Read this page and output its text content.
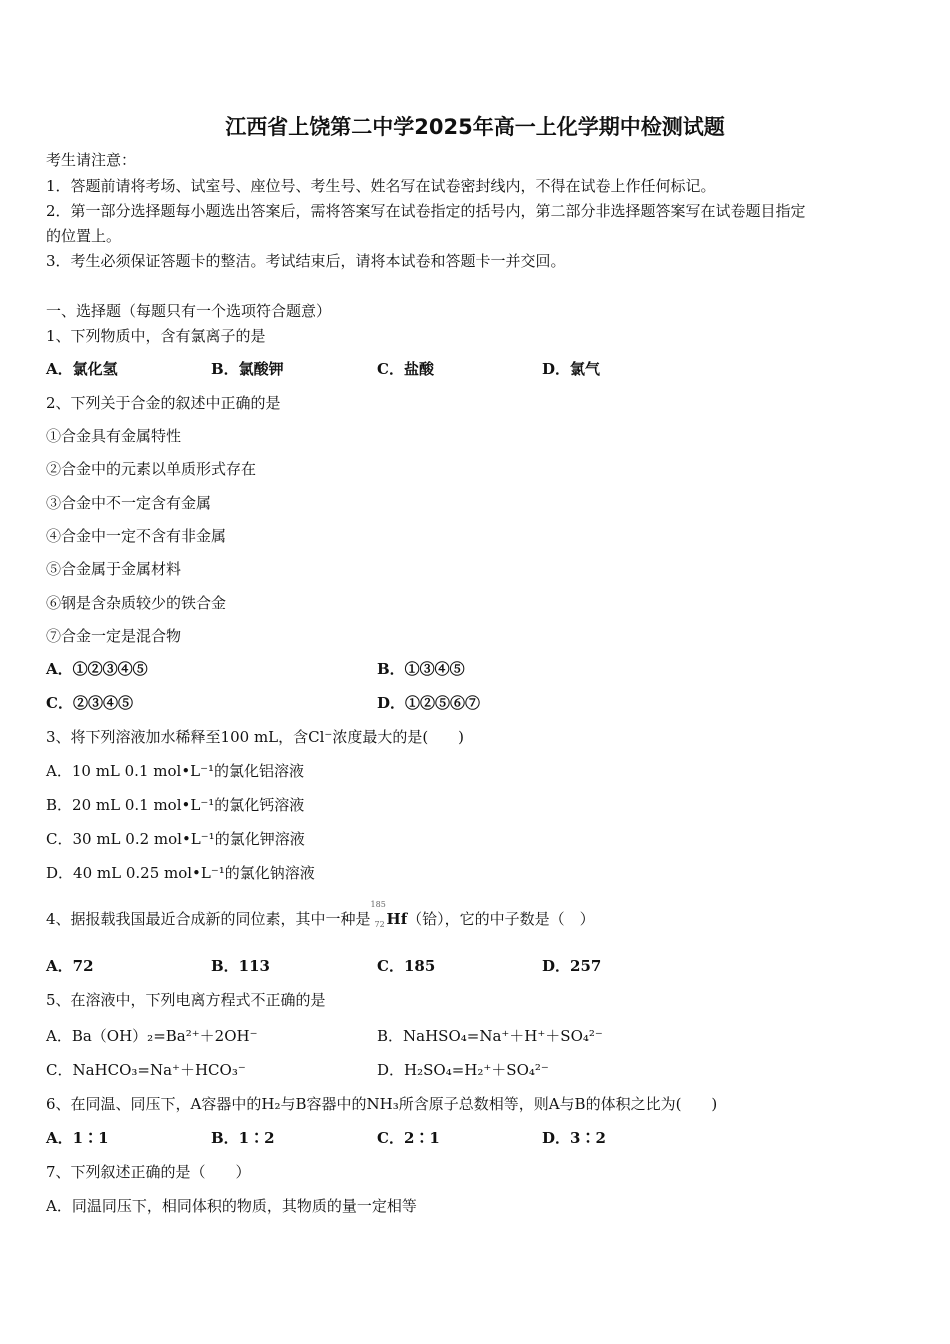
江西省上饶第二中学2025年高一上化学期中检测试题
考生请注意：
1．答题前请将考场、试室号、座位号、考生号、姓名写在试卷密封线内，不得在试卷上作任何标记。
2．第一部分选择题每小题选出答案后，需将答案写在试卷指定的括号内，第二部分非选择题答案写在试卷题目指定
的位置上。
3．考生必须保证答题卡的整洁。考试结束后，请将本试卷和答题卡一并交回。
一、选择题（每题只有一个选项符合题意）
1、下列物质中，含有氯离子的是
A．氯化氢	B．氯酸钾	C．盐酸	D．氯气
2、下列关于合金的叙述中正确的是
①合金具有金属特性
②合金中的元素以单质形式存在
③合金中不一定含有金属
④合金中一定不含有非金属
⑤合金属于金属材料
⑥钢是含杂质较少的铁合金
⑦合金一定是混合物
A．①②③④⑤	B．①③④⑤
C．②③④⑤	D．①②⑤⑥⑦
3、将下列溶液加水稀释至100 mL，含Cl⁻浓度最大的是(　　)
A．10 mL 0.1 mol•L⁻¹的氯化铝溶液
B．20 mL 0.1 mol•L⁻¹的氯化钙溶液
C．30 mL 0.2 mol•L⁻¹的氯化钾溶液
D．40 mL 0.25 mol•L⁻¹的氯化钠溶液
4、据报载我国最近合成新的同位素，其中一种是
185
72 Hf（铪），它的中子数是（　）
A．72	B．113	C．185	D．257
5、在溶液中，下列电离方程式不正确的是
A．Ba（OH）₂=Ba²⁺＋2OH⁻	B．NaHSO₄=Na⁺＋H⁺＋SO₄²⁻
C．NaHCO₃=Na⁺＋HCO₃⁻	D．H₂SO₄=H₂⁺＋SO₄²⁻
6、在同温、同压下，A容器中的H₂与B容器中的NH₃所含原子总数相等，则A与B的体积之比为(　　)
A．1∶1	B．1∶2	C．2∶1	D．3∶2
7、下列叙述正确的是（　　）
A．同温同压下，相同体积的物质，其物质的量一定相等
